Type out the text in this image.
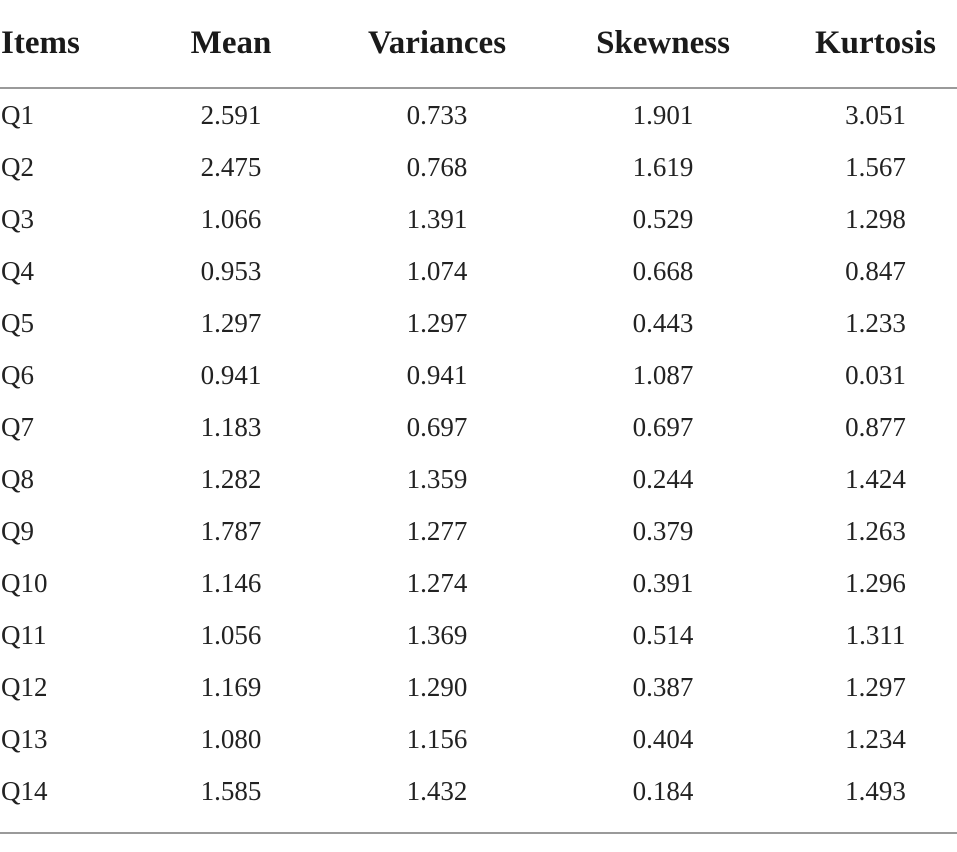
Items	Mean	Variances	Skewness	Kurtosis
Q1	2.591	0.733	1.901	3.051
Q2	2.475	0.768	1.619	1.567
Q3	1.066	1.391	0.529	1.298
Q4	0.953	1.074	0.668	0.847
Q5	1.297	1.297	0.443	1.233
Q6	0.941	0.941	1.087	0.031
Q7	1.183	0.697	0.697	0.877
Q8	1.282	1.359	0.244	1.424
Q9	1.787	1.277	0.379	1.263
Q10	1.146	1.274	0.391	1.296
Q11	1.056	1.369	0.514	1.311
Q12	1.169	1.290	0.387	1.297
Q13	1.080	1.156	0.404	1.234
Q14	1.585	1.432	0.184	1.493
